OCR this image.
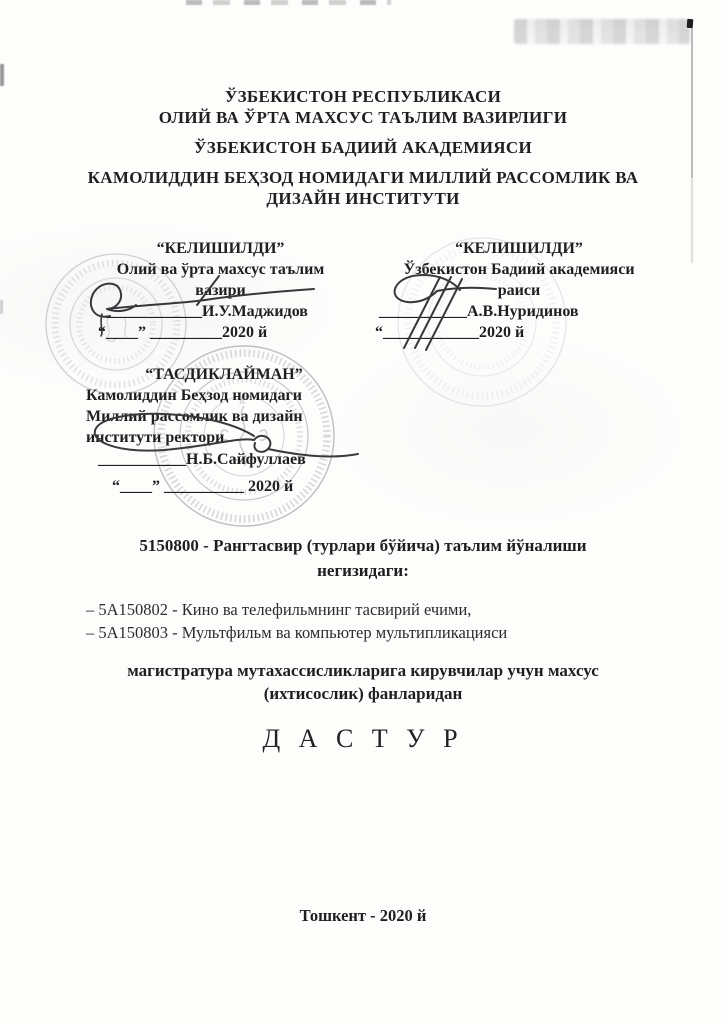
ЎЗБЕКИСТОН РЕСПУБЛИКАСИ
ОЛИЙ ВА ЎРТА МАХСУС ТАЪЛИМ ВАЗИРЛИГИ
ЎЗБЕКИСТОН БАДИИЙ АКАДЕМИЯСИ
КАМОЛИДДИН БЕҲЗОД НОМИДАГИ МИЛЛИЙ РАССОМЛИК ВА
ДИЗАЙН ИНСТИТУТИ
“КЕЛИШИЛДИ”
Олий ва ўрта махсус таълим
вазири
____________И.У.Маджидов
“____” _________2020 й
“КЕЛИШИЛДИ”
Ўзбекистон Бадиий академияси
раиси
___________А.В.Нуридинов
“____________2020 й
“ТАСДИКЛАЙМАН”
Камолиддин Беҳзод номидаги
Миллий рассомлик ва дизайн
институти ректори
___________Н.Б.Сайфуллаев
“____” __________ 2020 й
5150800 - Рангтасвир (турлари бўйича) таълим йўналиши
негизидаги:
– 5А150802 - Кино ва телефильмнинг тасвирий ечими,
– 5А150803 - Мультфильм ва компьютер мультипликацияси
магистратура мутахассисликларига кирувчилар учун махсус
(ихтисослик) фанларидан
Д А С Т У Р
Тошкент - 2020 й
